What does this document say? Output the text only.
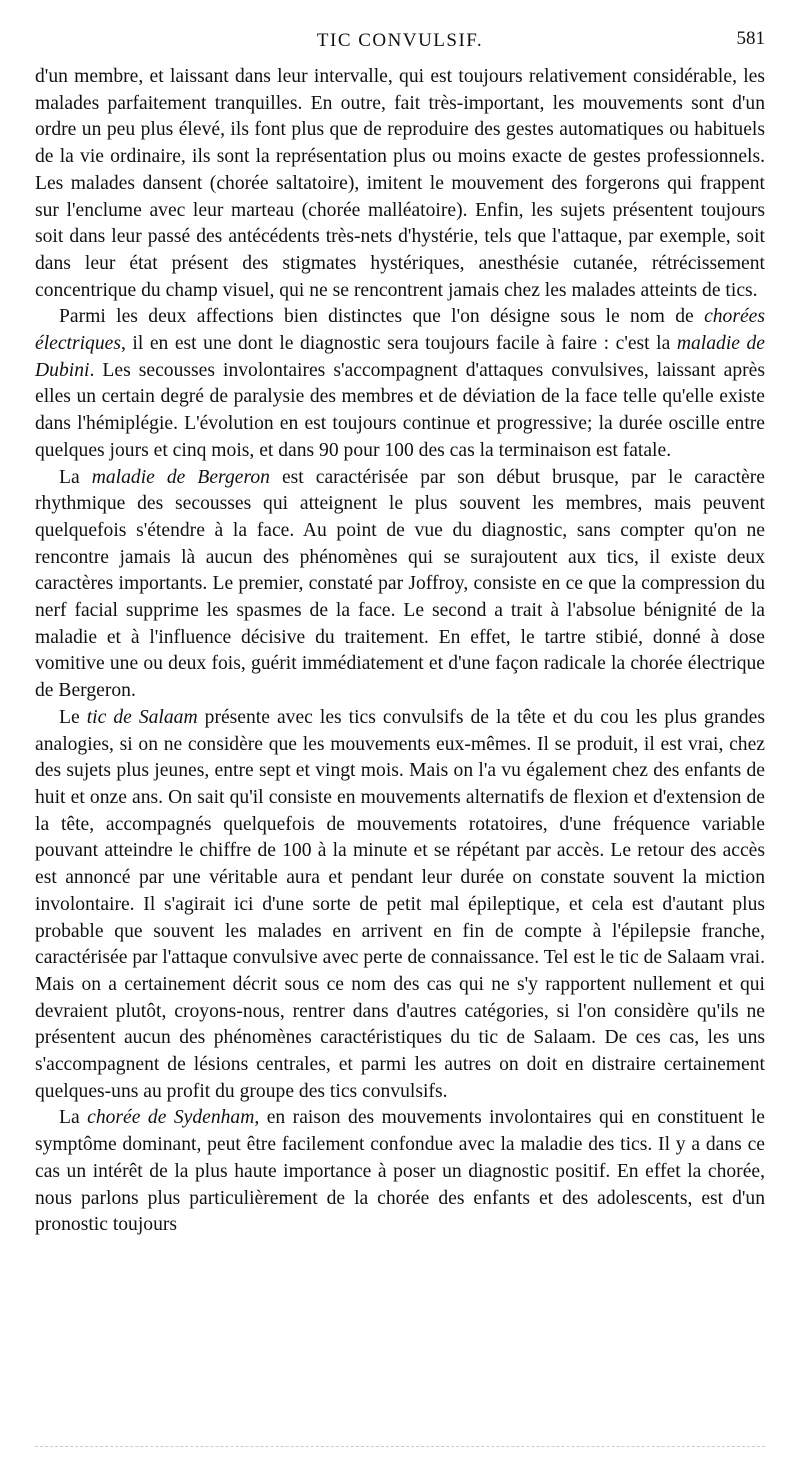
TIC CONVULSIF.	581

d'un membre, et laissant dans leur intervalle, qui est toujours relativement considérable, les malades parfaitement tranquilles. En outre, fait très-important, les mouvements sont d'un ordre un peu plus élevé, ils font plus que de reproduire des gestes automatiques ou habituels de la vie ordinaire, ils sont la représentation plus ou moins exacte de gestes professionnels. Les malades dansent (chorée saltatoire), imitent le mouvement des forgerons qui frappent sur l'enclume avec leur marteau (chorée malléatoire). Enfin, les sujets présentent toujours soit dans leur passé des antécédents très-nets d'hystérie, tels que l'attaque, par exemple, soit dans leur état présent des stigmates hystériques, anesthésie cutanée, rétrécissement concentrique du champ visuel, qui ne se rencontrent jamais chez les malades atteints de tics.

Parmi les deux affections bien distinctes que l'on désigne sous le nom de chorées électriques, il en est une dont le diagnostic sera toujours facile à faire : c'est la maladie de Dubini. Les secousses involontaires s'accompagnent d'attaques convulsives, laissant après elles un certain degré de paralysie des membres et de déviation de la face telle qu'elle existe dans l'hémiplégie. L'évolution en est toujours continue et progressive; la durée oscille entre quelques jours et cinq mois, et dans 90 pour 100 des cas la terminaison est fatale.

La maladie de Bergeron est caractérisée par son début brusque, par le caractère rhythmique des secousses qui atteignent le plus souvent les membres, mais peuvent quelquefois s'étendre à la face. Au point de vue du diagnostic, sans compter qu'on ne rencontre jamais là aucun des phénomènes qui se surajoutent aux tics, il existe deux caractères importants. Le premier, constaté par Joffroy, consiste en ce que la compression du nerf facial supprime les spasmes de la face. Le second a trait à l'absolue bénignité de la maladie et à l'influence décisive du traitement. En effet, le tartre stibié, donné à dose vomitive une ou deux fois, guérit immédiatement et d'une façon radicale la chorée électrique de Bergeron.

Le tic de Salaam présente avec les tics convulsifs de la tête et du cou les plus grandes analogies, si on ne considère que les mouvements eux-mêmes. Il se produit, il est vrai, chez des sujets plus jeunes, entre sept et vingt mois. Mais on l'a vu également chez des enfants de huit et onze ans. On sait qu'il consiste en mouvements alternatifs de flexion et d'extension de la tête, accompagnés quelquefois de mouvements rotatoires, d'une fréquence variable pouvant atteindre le chiffre de 100 à la minute et se répétant par accès. Le retour des accès est annoncé par une véritable aura et pendant leur durée on constate souvent la miction involontaire. Il s'agirait ici d'une sorte de petit mal épileptique, et cela est d'autant plus probable que souvent les malades en arrivent en fin de compte à l'épilepsie franche, caractérisée par l'attaque convulsive avec perte de connaissance. Tel est le tic de Salaam vrai. Mais on a certainement décrit sous ce nom des cas qui ne s'y rapportent nullement et qui devraient plutôt, croyons-nous, rentrer dans d'autres catégories, si l'on considère qu'ils ne présentent aucun des phénomènes caractéristiques du tic de Salaam. De ces cas, les uns s'accompagnent de lésions centrales, et parmi les autres on doit en distraire certainement quelques-uns au profit du groupe des tics convulsifs.

La chorée de Sydenham, en raison des mouvements involontaires qui en constituent le symptôme dominant, peut être facilement confondue avec la maladie des tics. Il y a dans ce cas un intérêt de la plus haute importance à poser un diagnostic positif. En effet la chorée, nous parlons plus particulièrement de la chorée des enfants et des adolescents, est d'un pronostic toujours
